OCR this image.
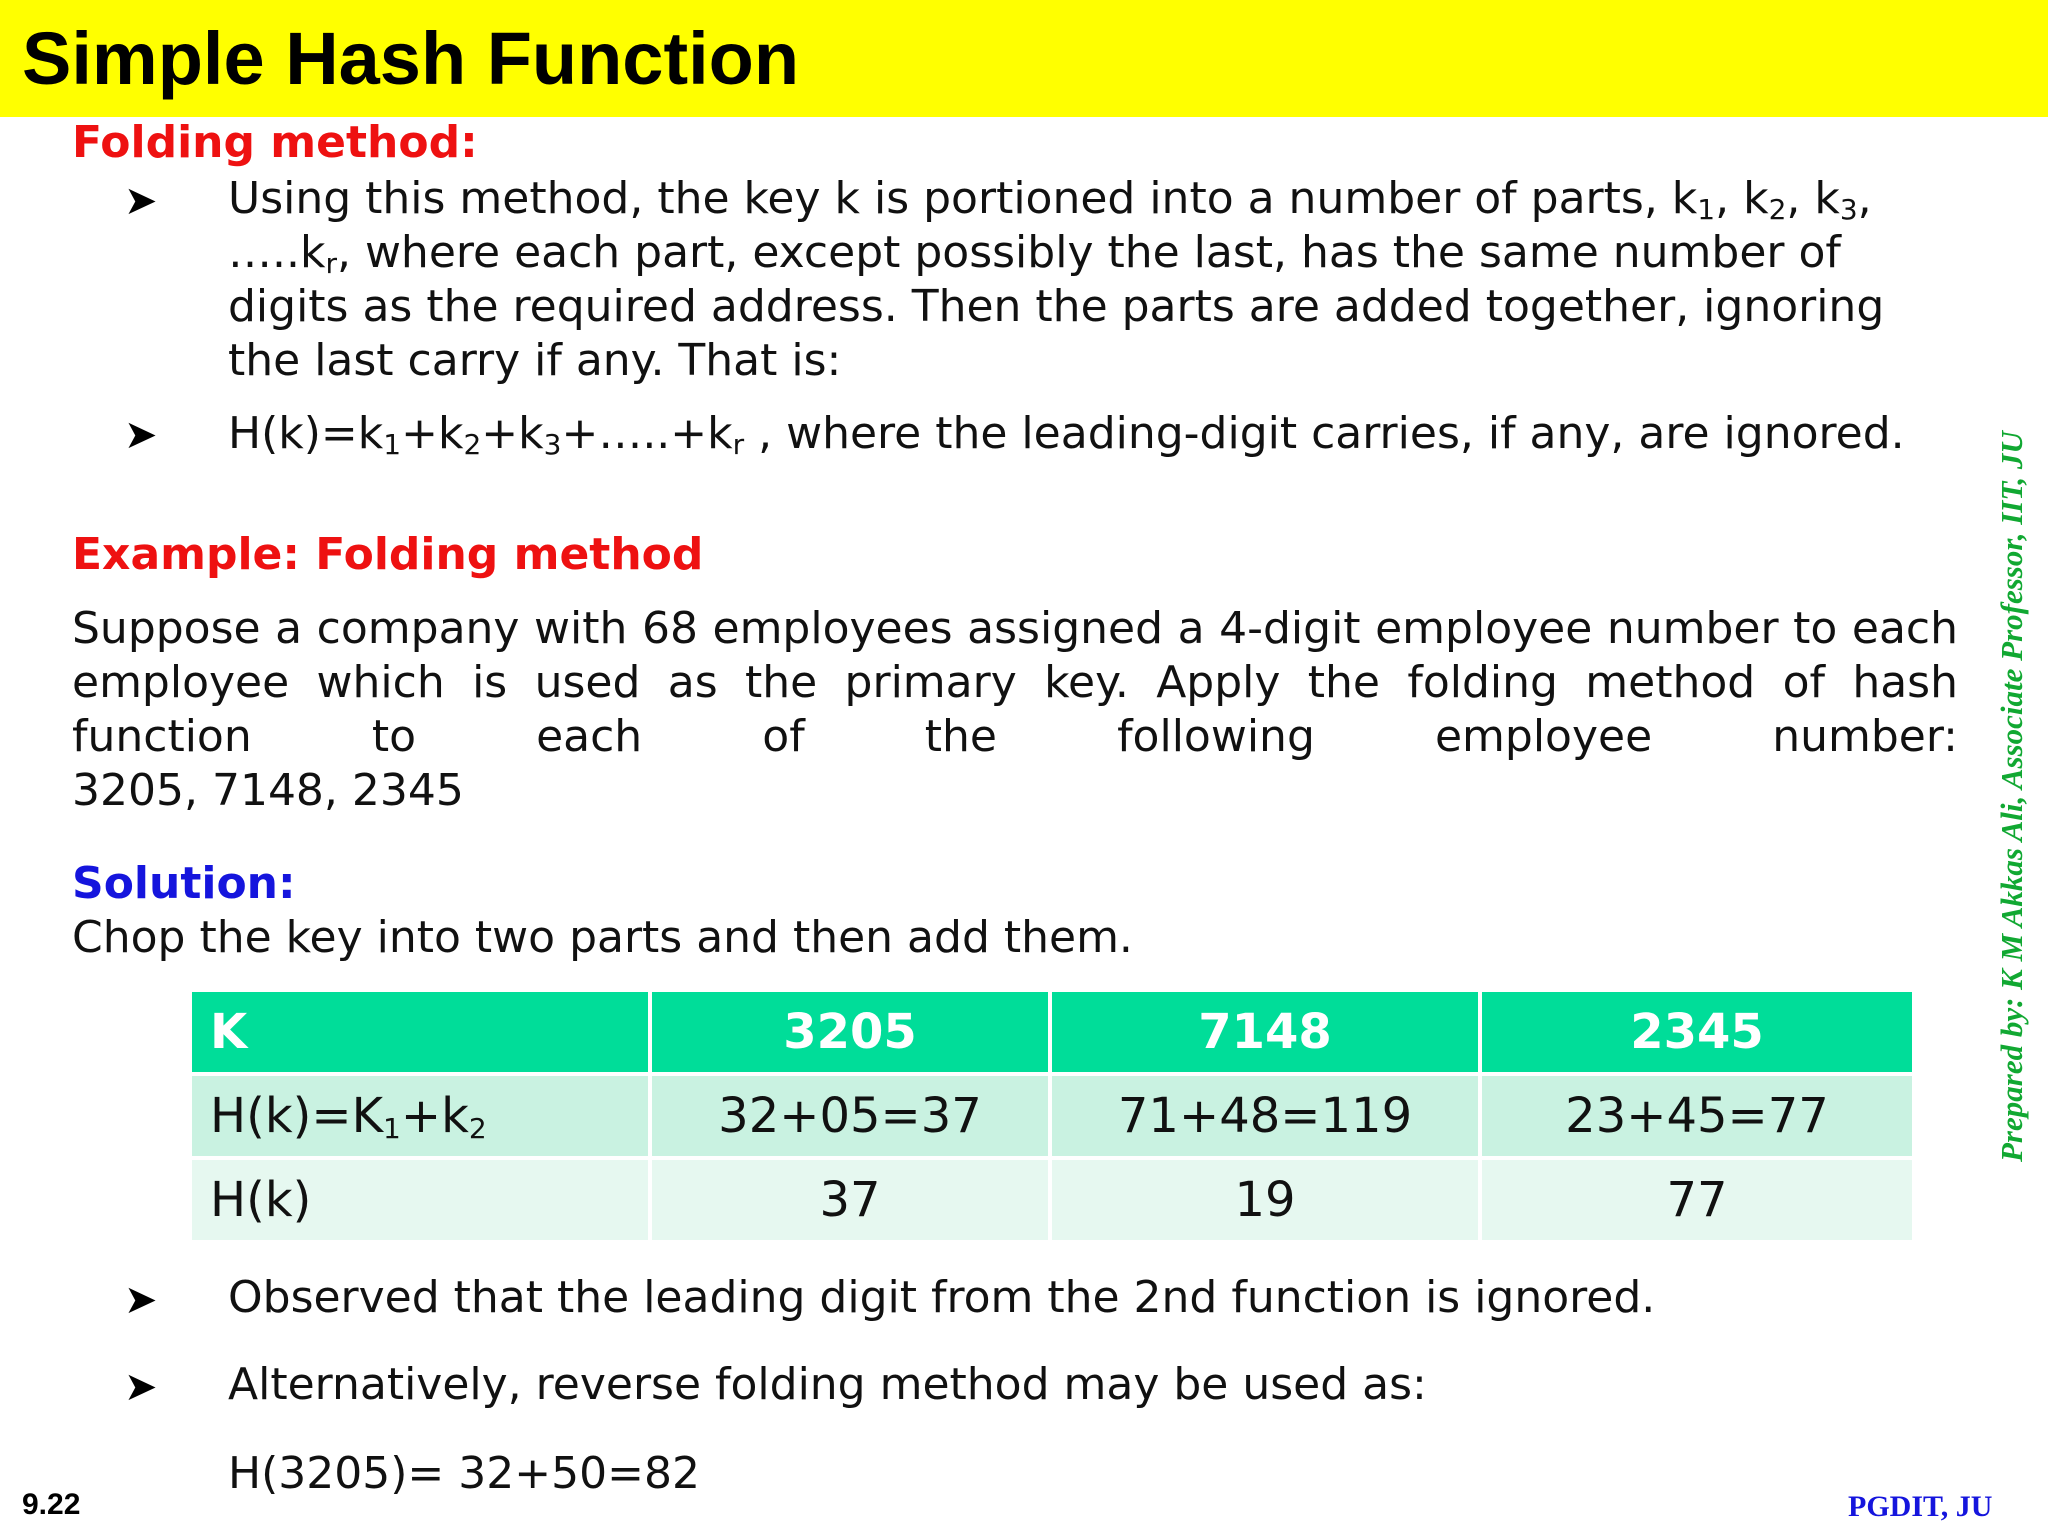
Simple Hash Function
Folding method:
➤ Using this method, the key k is portioned into a number of parts, $k_1$, $k_2$, $k_3$, $\dots..k_r$, where each part, except possibly the last, has the same number of digits as the required address. Then the parts are added together, ignoring the last carry if any. That is:
➤ $H(k)=k_1+k_2+k_3+\dots..+k_r$ , where the leading-digit carries, if any, are ignored.
Example: Folding method
Suppose a company with 68 employees assigned a 4-digit employee number to each employee which is used as the primary key. Apply the folding method of hash function to each of the following employee number:
3205, 7148, 2345
Solution:
Chop the key into two parts and then add them.
K	3205	7148	2345
$H(k)=K_1+k_2$	32+05=37	71+48=119	23+45=77
H(k)	37	19	77
➤ Observed that the leading digit from the 2nd function is ignored.
➤ Alternatively, reverse folding method may be used as:
H(3205)= 32+50=82
Prepared by: K M Akkas Ali, Associate Professor, IIT, JU
9.22	PGDIT, JU
